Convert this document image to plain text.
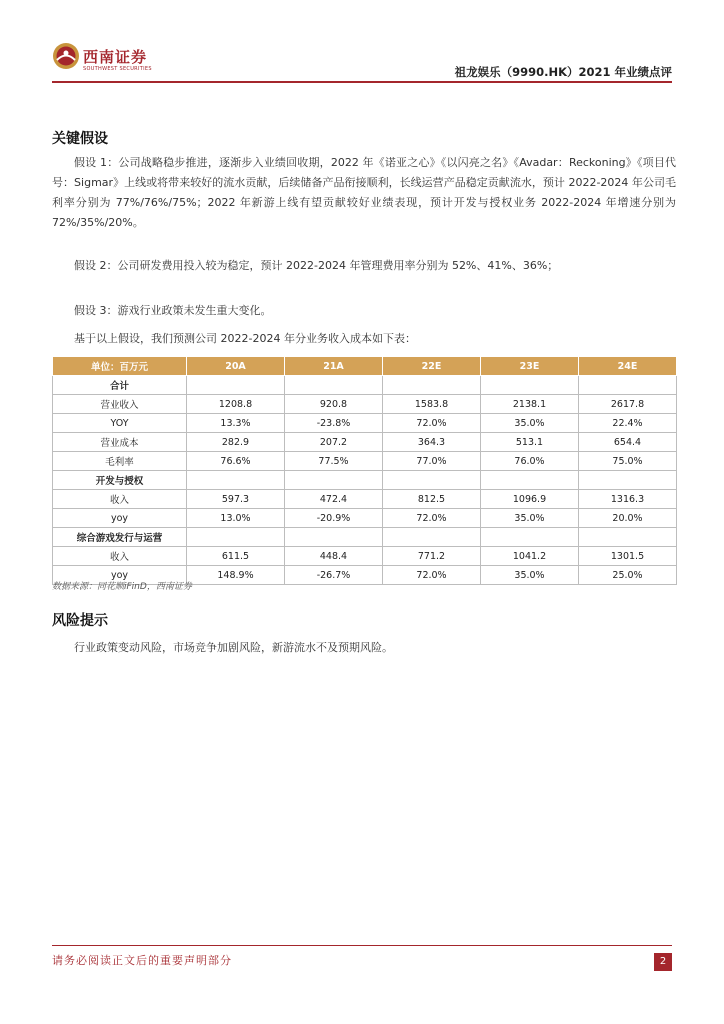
西南证券
SOUTHWEST SECURITIES	祖龙娱乐（9990.HK）2021 年业绩点评
关键假设
假设 1：公司战略稳步推进，逐渐步入业绩回收期，2022 年《诺亚之心》《以闪亮之名》《Avadar：Reckoning》《项目代号：Sigmar》上线或将带来较好的流水贡献，后续储备产品衔接顺利，长线运营产品稳定贡献流水，预计 2022-2024 年公司毛利率分别为 77%/76%/75%；2022 年新游上线有望贡献较好业绩表现，预计开发与授权业务 2022-2024 年增速分别为 72%/35%/20%。
假设 2：公司研发费用投入较为稳定，预计 2022-2024 年管理费用率分别为 52%、41%、36%；
假设 3：游戏行业政策未发生重大变化。
基于以上假设，我们预测公司 2022-2024 年分业务收入成本如下表：
单位：百万元	20A	21A	22E	23E	24E
合计					
营业收入	1208.8	920.8	1583.8	2138.1	2617.8
YOY	13.3%	-23.8%	72.0%	35.0%	22.4%
营业成本	282.9	207.2	364.3	513.1	654.4
毛利率	76.6%	77.5%	77.0%	76.0%	75.0%
开发与授权					
收入	597.3	472.4	812.5	1096.9	1316.3
yoy	13.0%	-20.9%	72.0%	35.0%	20.0%
综合游戏发行与运营					
收入	611.5	448.4	771.2	1041.2	1301.5
yoy	148.9%	-26.7%	72.0%	35.0%	25.0%
数据来源：同花顺iFinD，西南证券
风险提示
行业政策变动风险，市场竞争加剧风险，新游流水不及预期风险。
请务必阅读正文后的重要声明部分	2
